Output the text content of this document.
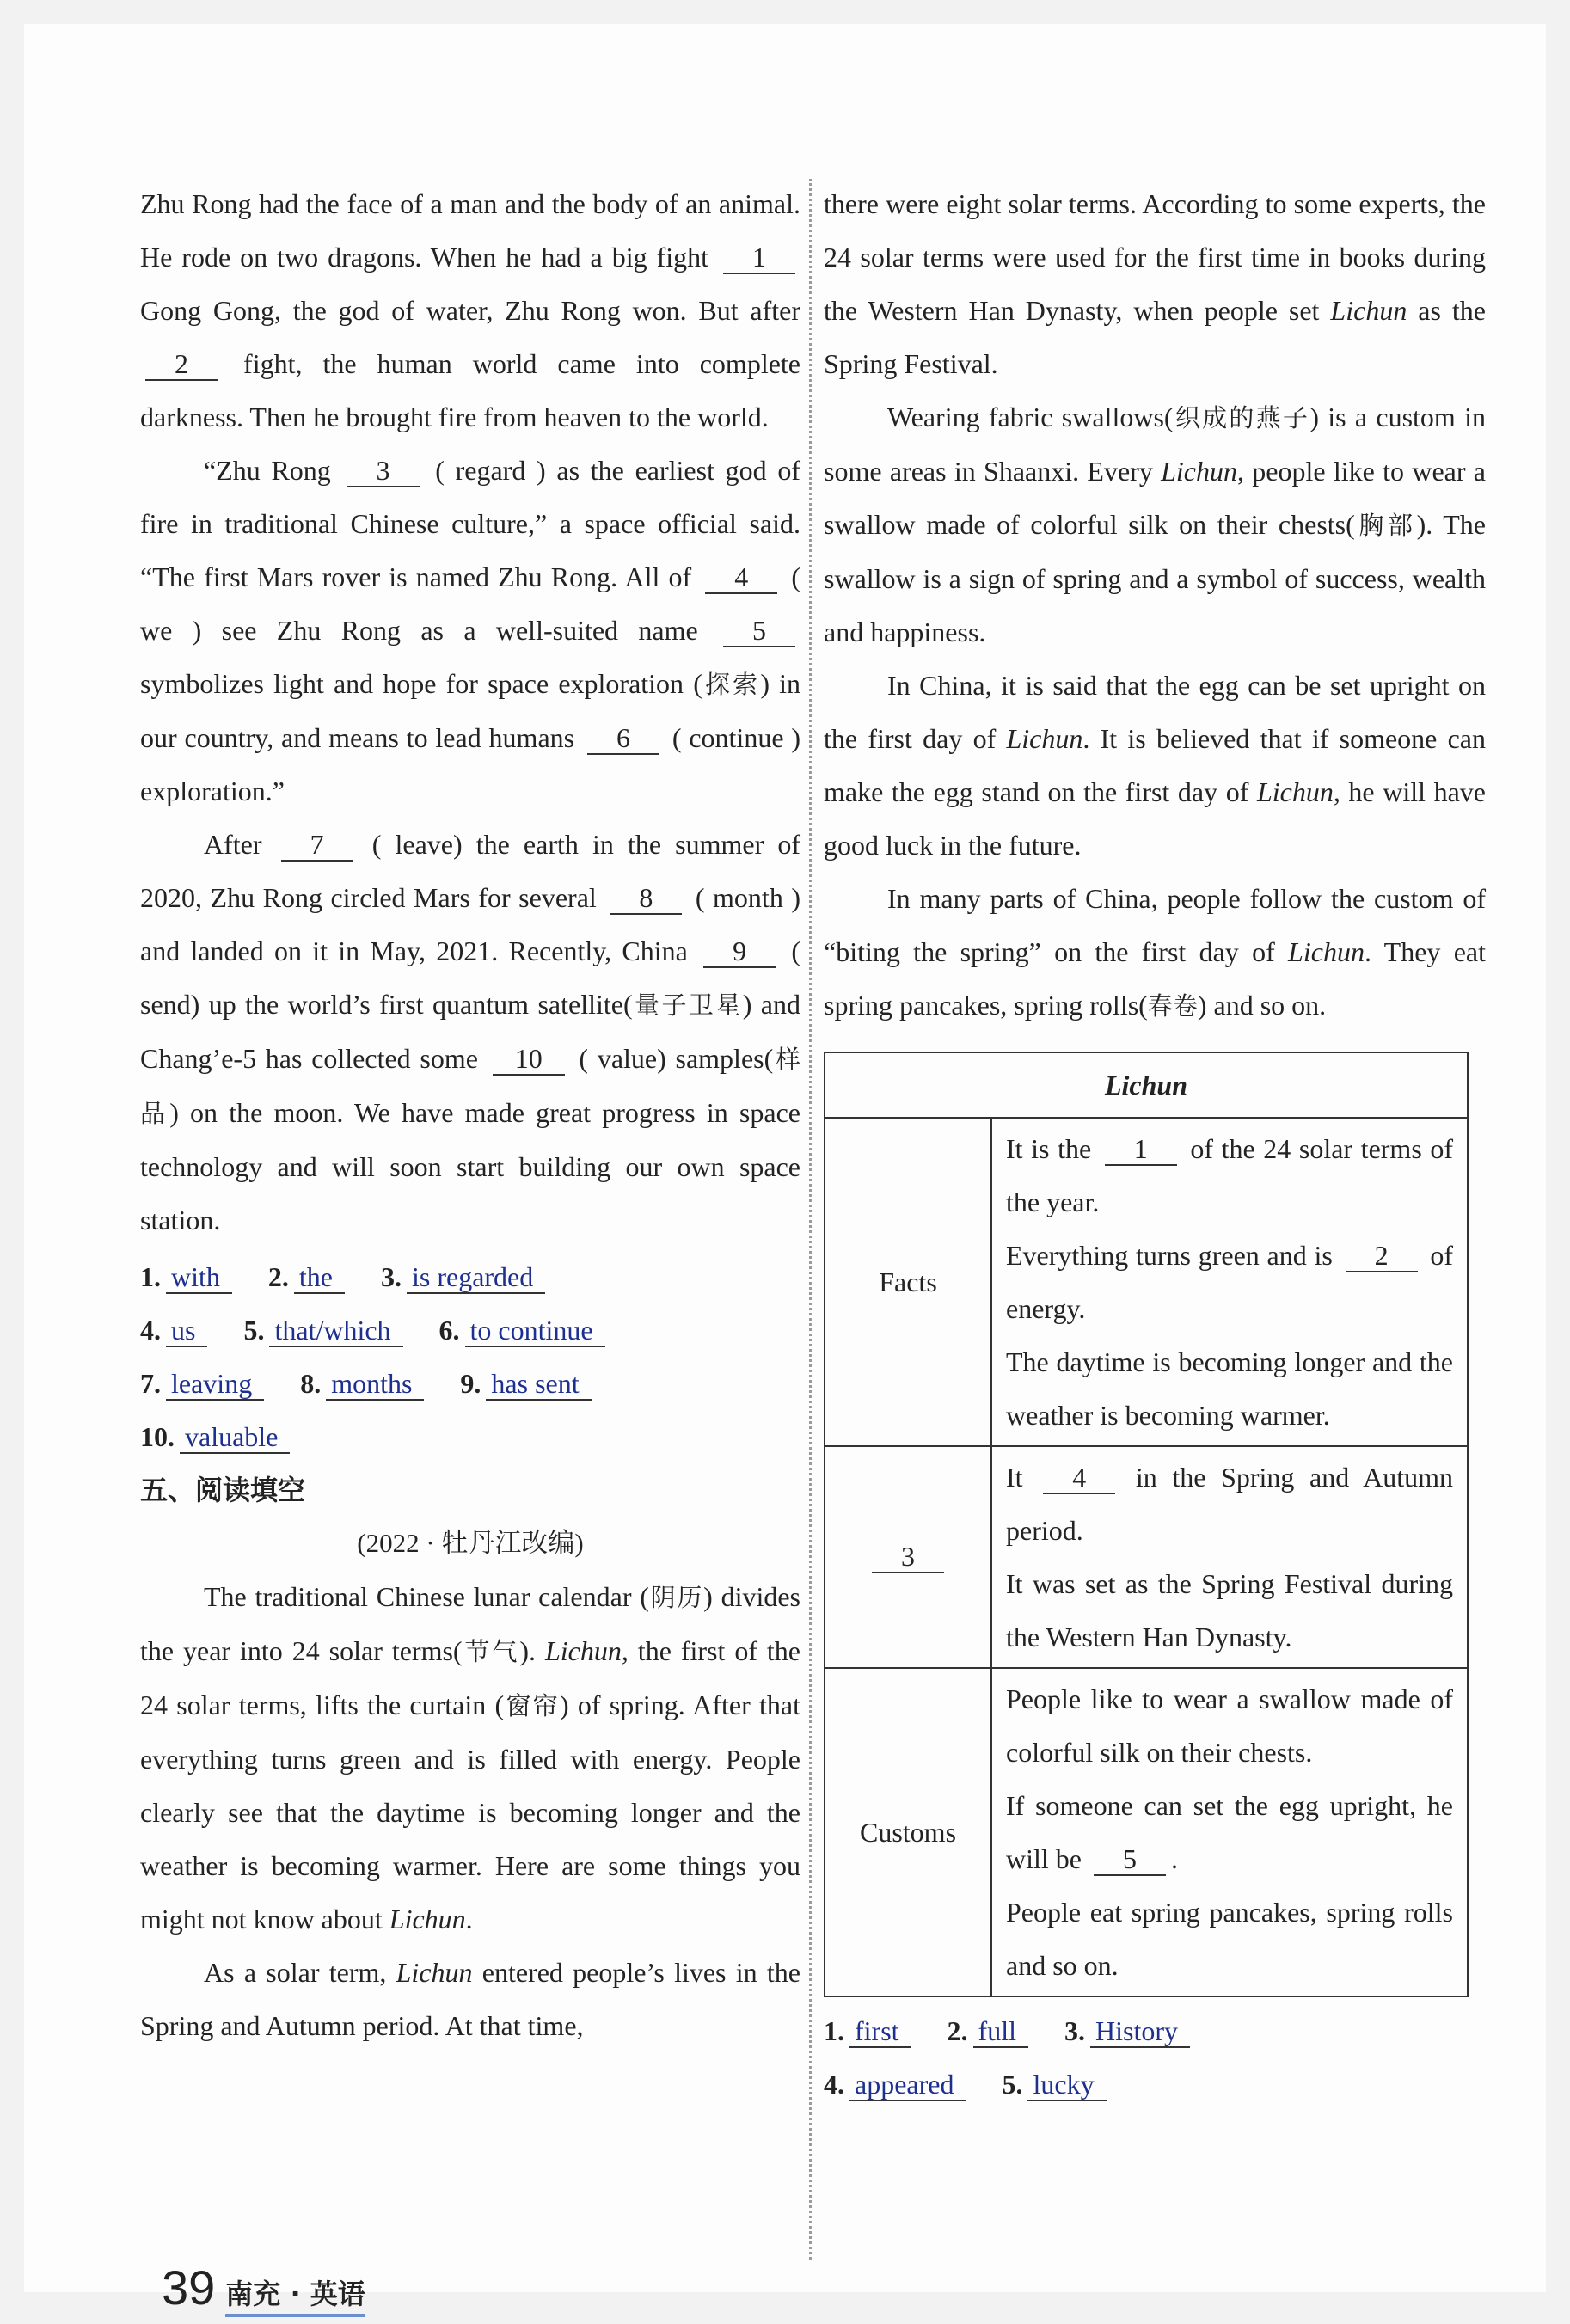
Zhu Rong had the face of a man and the body of an animal. He rode on two dragons. When he had a big fight 1 Gong Gong, the god of water, Zhu Rong won. But after 2 fight, the human world came into complete darkness. Then he brought fire from heaven to the world.

“Zhu Rong 3 ( regard ) as the earliest god of fire in traditional Chinese culture,” a space official said. “The first Mars rover is named Zhu Rong. All of 4 ( we ) see Zhu Rong as a well-suited name 5 symbolizes light and hope for space exploration (探索) in our country, and means to lead humans 6 ( continue ) exploration.”

After 7 ( leave) the earth in the summer of 2020, Zhu Rong circled Mars for several 8 ( month ) and landed on it in May, 2021. Recently, China 9 ( send) up the world’s first quantum satellite(量子卫星) and Chang’e-5 has collected some 10 ( value) samples(样品) on the moon. We have made great progress in space technology and will soon start building our own space station.

1. with 2. the 3. is regarded
4. us 5. that/which 6. to continue
7. leaving 8. months 9. has sent
10. valuable
五、阅读填空
(2022 · 牡丹江改编)

The traditional Chinese lunar calendar (阴历) divides the year into 24 solar terms(节气). Lichun, the first of the 24 solar terms, lifts the curtain (窗帘) of spring. After that everything turns green and is filled with energy. People clearly see that the daytime is becoming longer and the weather is becoming warmer. Here are some things you might not know about Lichun.

As a solar term, Lichun entered people’s lives in the Spring and Autumn period. At that time,

there were eight solar terms. According to some experts, the 24 solar terms were used for the first time in books during the Western Han Dynasty, when people set Lichun as the Spring Festival.

Wearing fabric swallows(织成的燕子) is a custom in some areas in Shaanxi. Every Lichun, people like to wear a swallow made of colorful silk on their chests(胸部). The swallow is a sign of spring and a symbol of success, wealth and happiness.

In China, it is said that the egg can be set upright on the first day of Lichun. It is believed that if someone can make the egg stand on the first day of Lichun, he will have good luck in the future.

In many parts of China, people follow the custom of “biting the spring” on the first day of Lichun. They eat spring pancakes, spring rolls(春卷) and so on.

Lichun	
Facts	It is the 1 of the 24 solar terms of the year.
Everything turns green and is 2 of energy.
The daytime is becoming longer and the weather is becoming warmer.

3	It 4 in the Spring and Autumn period.
It was set as the Spring Festival during the Western Han Dynasty.

Customs	People like to wear a swallow made of colorful silk on their chests.
If someone can set the egg upright, he will be 5 .
People eat spring pancakes, spring rolls and so on.
1. first 2. full 3. History
4. appeared 5. lucky
39 南充 · 英语
